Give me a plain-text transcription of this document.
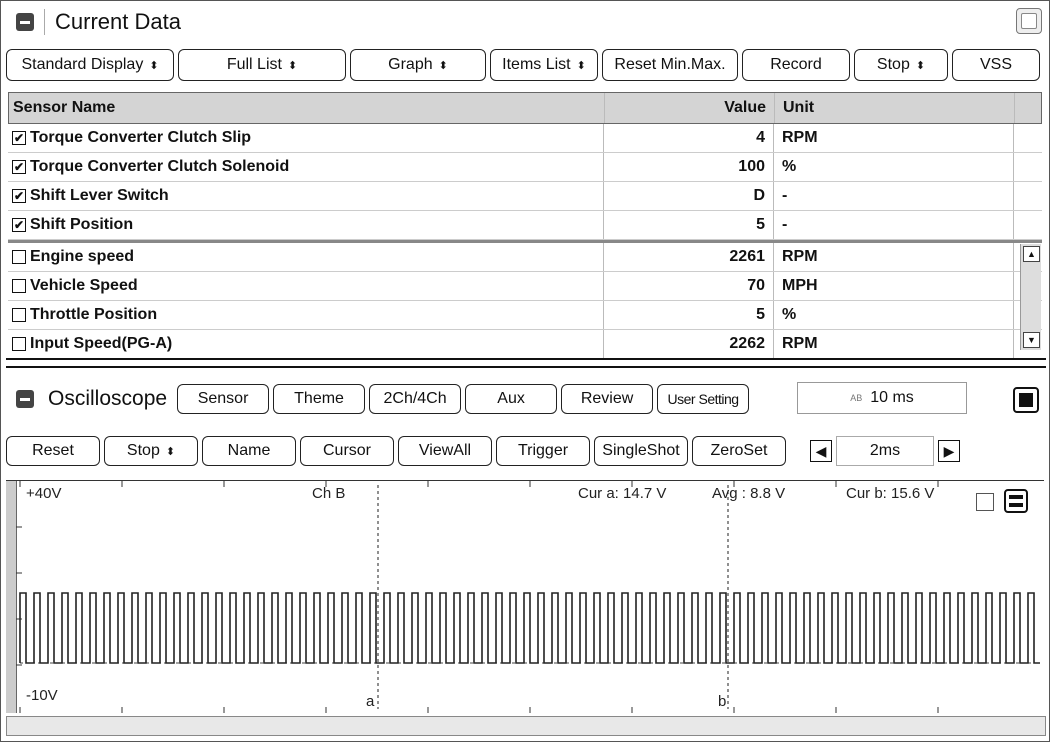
Current Data
Standard Display ⬍	Full List ⬍	Graph ⬍	Items List ⬍ Reset Min.Max.	Record	Stop ⬍	VSS
Sensor Name	Value	Unit
✔ Torque Converter Clutch Slip	4	RPM
✔ Torque Converter Clutch Solenoid	100	%
✔ Shift Lever Switch	D	-
✔ Shift Position	5	-
Engine speed	2261	RPM
Vehicle Speed	70	MPH
Throttle Position	5	%
Input Speed(PG-A)	2262	RPM
▲
▼
Oscilloscope Sensor	Theme 2Ch/4Ch	Aux	Review User Setting	AB 10 ms
Reset	Stop ⬍	Name	Cursor	ViewAll	Trigger SingleShot ZeroSet	◀	2ms	▶
+40V
-10V
Ch B	Cur a: 14.7 V	Avg : 8.8 V	Cur b: 15.6 V
a	b
